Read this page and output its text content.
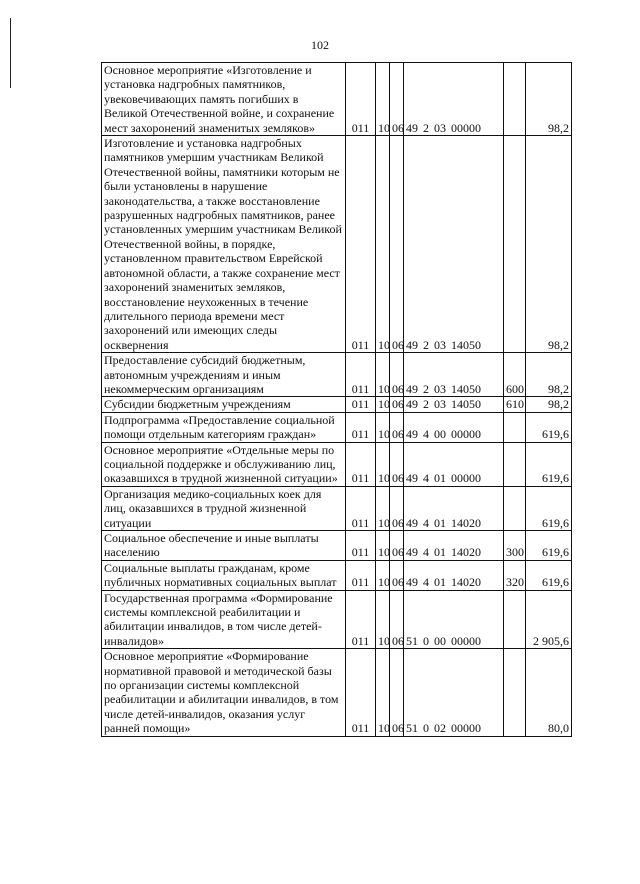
102
Основное мероприятие «Изготовление и установка надгробных памятников, увековечивающих память погибших в Великой Отечественной войне, и сохранение мест захоронений знаменитых земляков»	011	10	06	49 2 03 00000		98,2
Изготовление и установка надгробных памятников умершим участникам Великой Отечественной войны, памятники которым не были установлены в нарушение законодательства, а также восстановление разрушенных надгробных памятников, ранее установленных умершим участникам Великой Отечественной войны, в порядке, установленном правительством Еврейской автономной области, а также сохранение мест захоронений знаменитых земляков, восстановление неухоженных в течение длительного периода времени мест захоронений или имеющих следы осквернения	011	10	06	49 2 03 14050		98,2
Предоставление субсидий бюджетным, автономным учреждениям и иным некоммерческим организациям	011	10	06	49 2 03 14050	600	98,2
Субсидии бюджетным учреждениям	011	10	06	49 2 03 14050	610	98,2
Подпрограмма «Предоставление социальной помощи отдельным категориям граждан»	011	10	06	49 4 00 00000		619,6
Основное мероприятие «Отдельные меры по социальной поддержке и обслуживанию лиц, оказавшихся в трудной жизненной ситуации»	011	10	06	49 4 01 00000		619,6
Организация медико-социальных коек для лиц, оказавшихся в трудной жизненной ситуации	011	10	06	49 4 01 14020		619,6
Социальное обеспечение и иные выплаты населению	011	10	06	49 4 01 14020	300	619,6
Социальные выплаты гражданам, кроме публичных нормативных социальных выплат	011	10	06	49 4 01 14020	320	619,6
Государственная программа «Формирование системы комплексной реабилитации и абилитации инвалидов, в том числе детей-инвалидов»	011	10	06	51 0 00 00000		2 905,6
Основное мероприятие «Формирование нормативной правовой и методической базы по организации системы комплексной реабилитации и абилитации инвалидов, в том числе детей-инвалидов, оказания услуг ранней помощи»	011	10	06	51 0 02 00000		80,0
